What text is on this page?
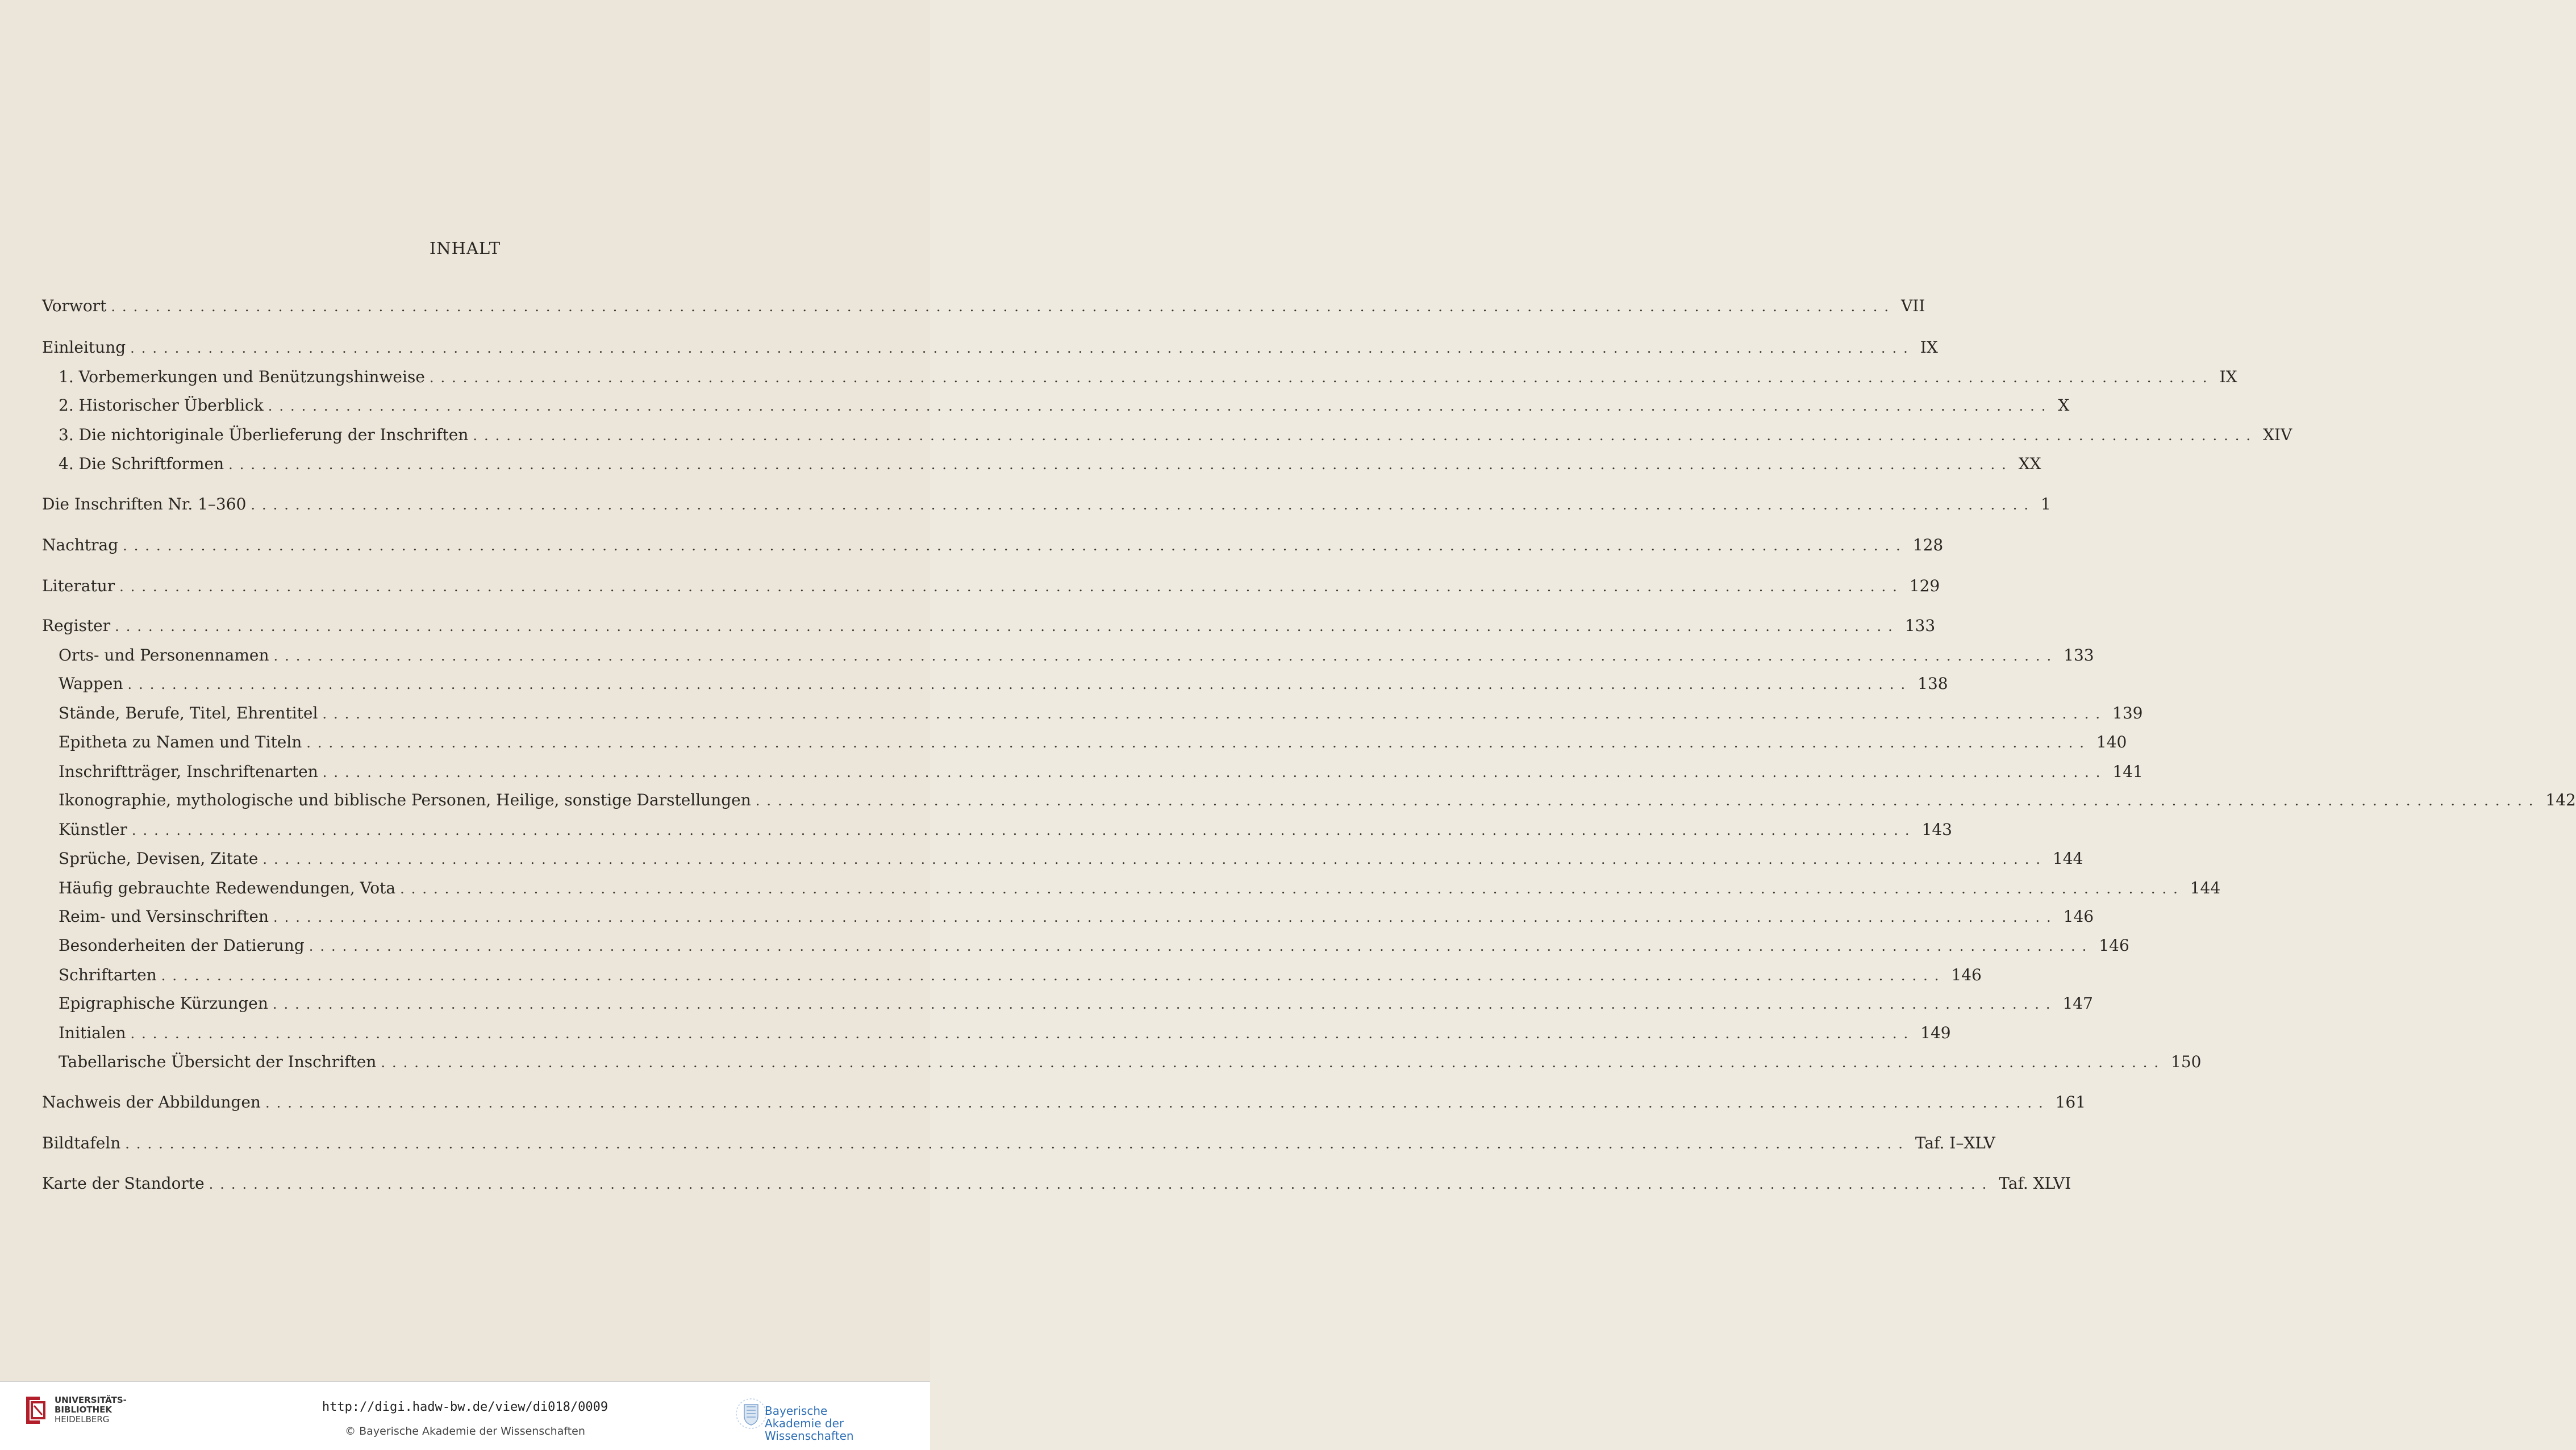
INHALT
Vorwort ................................................................................................................................................................ VII
Einleitung ................................................................................................................................................................ IX
1. Vorbemerkungen und Benützungshinweise ................................................................................................................................................................ IX
2. Historischer Überblick ................................................................................................................................................................ X
3. Die nichtoriginale Überlieferung der Inschriften ................................................................................................................................................................ XIV
4. Die Schriftformen ................................................................................................................................................................ XX
Die Inschriften Nr. 1–360 ................................................................................................................................................................ 1
Nachtrag ................................................................................................................................................................ 128
Literatur ................................................................................................................................................................ 129
Register ................................................................................................................................................................ 133
Orts- und Personennamen ................................................................................................................................................................ 133
Wappen ................................................................................................................................................................ 138
Stände, Berufe, Titel, Ehrentitel ................................................................................................................................................................ 139
Epitheta zu Namen und Titeln ................................................................................................................................................................ 140
Inschriftträger, Inschriftenarten ................................................................................................................................................................ 141
Ikonographie, mythologische und biblische Personen, Heilige, sonstige Darstellungen ................................................................................................................................................................ 142
Künstler ................................................................................................................................................................ 143
Sprüche, Devisen, Zitate ................................................................................................................................................................ 144
Häufig gebrauchte Redewendungen, Vota ................................................................................................................................................................ 144
Reim- und Versinschriften ................................................................................................................................................................ 146
Besonderheiten der Datierung ................................................................................................................................................................ 146
Schriftarten ................................................................................................................................................................ 146
Epigraphische Kürzungen ................................................................................................................................................................ 147
Initialen ................................................................................................................................................................ 149
Tabellarische Übersicht der Inschriften ................................................................................................................................................................ 150
Nachweis der Abbildungen ................................................................................................................................................................ 161
Bildtafeln ................................................................................................................................................................ Taf. I–XLV
Karte der Standorte ................................................................................................................................................................ Taf. XLVI
UNIVERSITÄTS-
BIBLIOTHEK
HEIDELBERG
http://digi.hadw-bw.de/view/di018/0009
© Bayerische Akademie der Wissenschaften
Bayerische
Akademie der Wissenschaften
